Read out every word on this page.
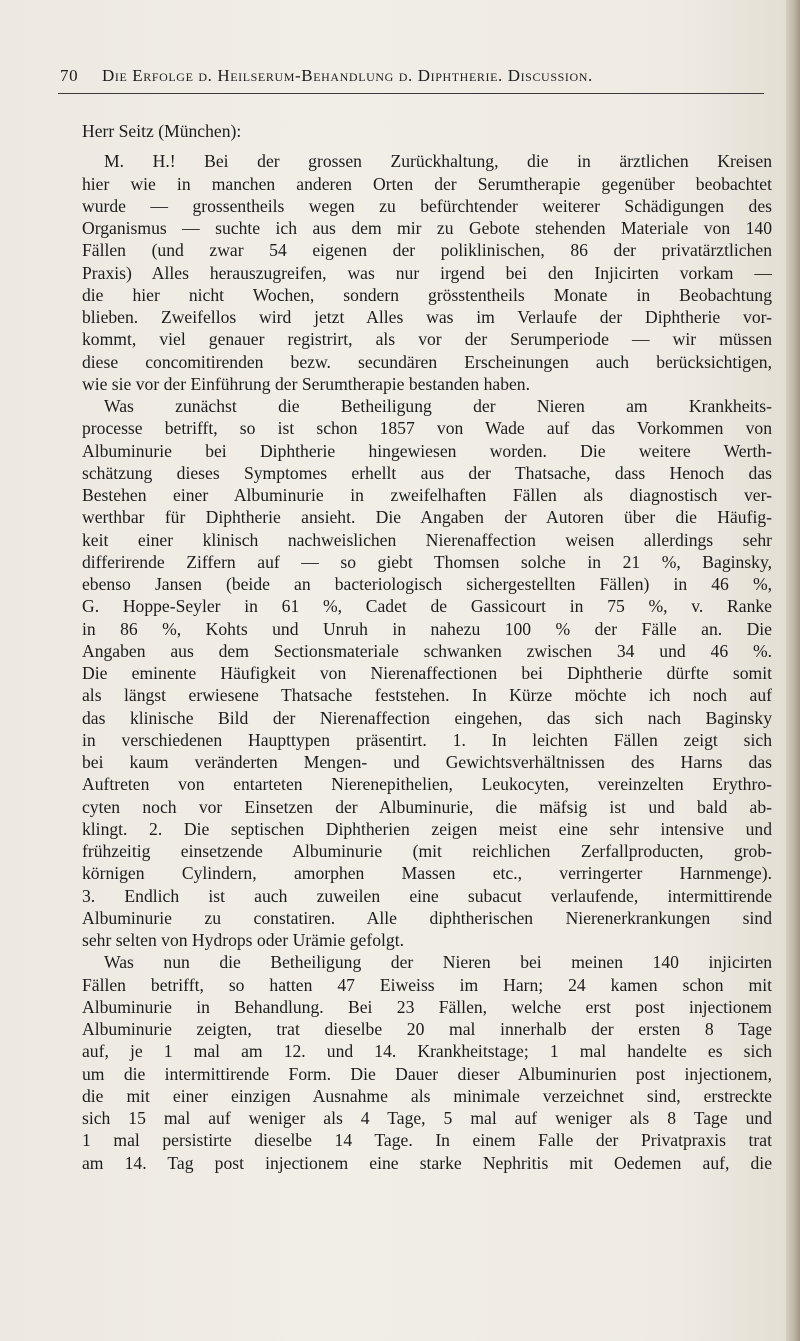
70 Die Erfolge d. Heilserum-Behandlung d. Diphtherie. Discussion.
Herr Seitz (München):
M. H.! Bei der grossen Zurückhaltung, die in ärztlichen Kreisen
hier wie in manchen anderen Orten der Serumtherapie gegenüber beobachtet
wurde — grossentheils wegen zu befürchtender weiterer Schädigungen des
Organismus — suchte ich aus dem mir zu Gebote stehenden Materiale von 140
Fällen (und zwar 54 eigenen der poliklinischen, 86 der privatärztlichen
Praxis) Alles herauszugreifen, was nur irgend bei den Injicirten vorkam —
die hier nicht Wochen, sondern grösstentheils Monate in Beobachtung
blieben. Zweifellos wird jetzt Alles was im Verlaufe der Diphtherie vor-
kommt, viel genauer registrirt, als vor der Serumperiode — wir müssen
diese concomitirenden bezw. secundären Erscheinungen auch berücksichtigen,
wie sie vor der Einführung der Serumtherapie bestanden haben.
Was zunächst die Betheiligung der Nieren am Krankheits-
processe betrifft, so ist schon 1857 von Wade auf das Vorkommen von
Albuminurie bei Diphtherie hingewiesen worden. Die weitere Werth-
schätzung dieses Symptomes erhellt aus der Thatsache, dass Henoch das
Bestehen einer Albuminurie in zweifelhaften Fällen als diagnostisch ver-
werthbar für Diphtherie ansieht. Die Angaben der Autoren über die Häufig-
keit einer klinisch nachweislichen Nierenaffection weisen allerdings sehr
differirende Ziffern auf — so giebt Thomsen solche in 21 %, Baginsky,
ebenso Jansen (beide an bacteriologisch sichergestellten Fällen) in 46 %,
G. Hoppe-Seyler in 61 %, Cadet de Gassicourt in 75 %, v. Ranke
in 86 %, Kohts und Unruh in nahezu 100 % der Fälle an. Die
Angaben aus dem Sectionsmateriale schwanken zwischen 34 und 46 %.
Die eminente Häufigkeit von Nierenaffectionen bei Diphtherie dürfte somit
als längst erwiesene Thatsache feststehen. In Kürze möchte ich noch auf
das klinische Bild der Nierenaffection eingehen, das sich nach Baginsky
in verschiedenen Haupttypen präsentirt. 1. In leichten Fällen zeigt sich
bei kaum veränderten Mengen- und Gewichtsverhältnissen des Harns das
Auftreten von entarteten Nierenepithelien, Leukocyten, vereinzelten Erythro-
cyten noch vor Einsetzen der Albuminurie, die mäfsig ist und bald ab-
klingt. 2. Die septischen Diphtherien zeigen meist eine sehr intensive und
frühzeitig einsetzende Albuminurie (mit reichlichen Zerfallproducten, grob-
körnigen Cylindern, amorphen Massen etc., verringerter Harnmenge).
3. Endlich ist auch zuweilen eine subacut verlaufende, intermittirende
Albuminurie zu constatiren. Alle diphtherischen Nierenerkrankungen sind
sehr selten von Hydrops oder Urämie gefolgt.
Was nun die Betheiligung der Nieren bei meinen 140 injicirten
Fällen betrifft, so hatten 47 Eiweiss im Harn; 24 kamen schon mit
Albuminurie in Behandlung. Bei 23 Fällen, welche erst post injectionem
Albuminurie zeigten, trat dieselbe 20 mal innerhalb der ersten 8 Tage
auf, je 1 mal am 12. und 14. Krankheitstage; 1 mal handelte es sich
um die intermittirende Form. Die Dauer dieser Albuminurien post injectionem,
die mit einer einzigen Ausnahme als minimale verzeichnet sind, erstreckte
sich 15 mal auf weniger als 4 Tage, 5 mal auf weniger als 8 Tage und
1 mal persistirte dieselbe 14 Tage. In einem Falle der Privatpraxis trat
am 14. Tag post injectionem eine starke Nephritis mit Oedemen auf, die
